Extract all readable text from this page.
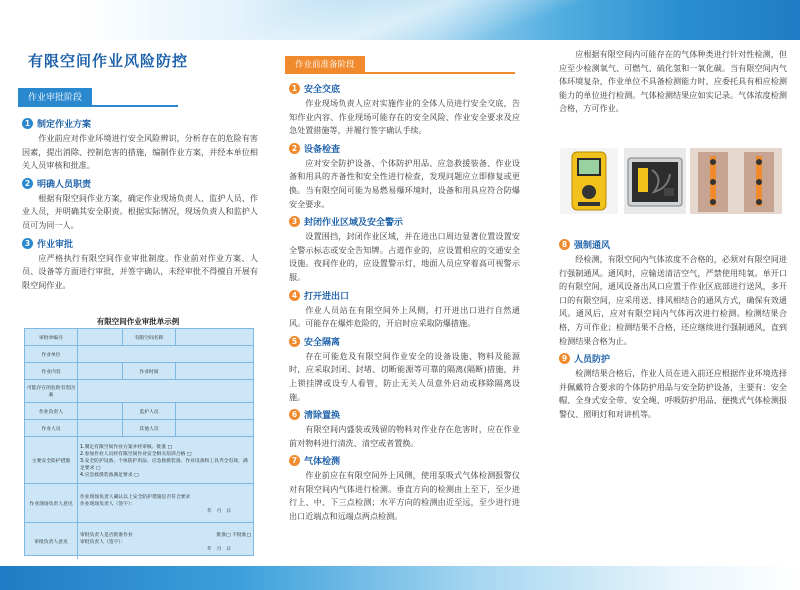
有限空间作业风险防控
作业审批阶段
1 制定作业方案

作业前应对作业环境进行安全风险辨识，分析存在的危险有害因素，提出消除、控制危害的措施，编制作业方案，并经本单位相关人员审核和批准。

2 明确人员职责

根据有限空间作业方案，确定作业现场负责人、监护人员、作业人员，并明确其安全职责。根据实际情况，现场负责人和监护人员可为同一人。

3 作业审批

应严格执行有限空间作业审批制度。作业前对作业方案、人员、设备等方面进行审批，并签字确认，未经审批不得擅自开展有限空间作业。

有限空间作业审批单示例
审批单编号	有限空间名称
作业单位
作业内容	作业时间
可能存在的危险有害因素
作业负责人	监护人员
作业人员	其他人员
主要安全防护措施
1.制定有限空间作业方案并经审核、批准 □
2.参加作业人员经有限空间作业安全相关培训合格 □
3.安全防护设备、个体防护用品、应急救援装备、作业设备和工具齐全有效，满足要求 □
4.应急救援装备满足要求 □
作业现场负责人意见
作业现场负责人确认以上安全防护措施是否符合要求
作业现场负责人（签字）：
年　月　日
审批负责人意见
审批负责人是否批准作业	批准□ 不批准□
审批负责人（签字）：
年　月　日
作业前准备阶段
1 安全交底

作业现场负责人应对实施作业的全体人员进行安全交底，告知作业内容、作业现场可能存在的安全风险、作业安全要求及应急处置措施等，并履行签字确认手续。

2 设备检查

应对安全防护设备、个体防护用品、应急救援装备、作业设备和用具的齐备性和安全性进行检查，发现问题应立即修复或更换。当有限空间可能为易燃易爆环境时，设备和用具应符合防爆安全要求。

3 封闭作业区域及安全警示

设置围挡，封闭作业区域，并在进出口周边显著位置设置安全警示标志或安全告知牌。占道作业的，应设置相应的交通安全设施。夜间作业的，应设置警示灯，地面人员应穿着高可视警示服。

4 打开进出口

作业人员站在有限空间外上风侧，打开进出口进行自然通风。可能存在爆炸危险的，开启时应采取防爆措施。

5 安全隔离

存在可能危及有限空间作业安全的设备设施、物料及能源时，应采取封闭、封堵、切断能源等可靠的隔离(隔断)措施，并上锁挂牌或设专人看管，防止无关人员意外启动或移除隔离设施。

6 清除置换

有限空间内盛装或残留的物料对作业存在危害时，应在作业前对物料进行清洗、清空或者置换。

7 气体检测

作业前应在有限空间外上风侧，使用泵吸式气体检测报警仪对有限空间内气体进行检测。垂直方向的检测由上至下，至少进行上、中、下三点检测；水平方向的检测由近至远，至少进行进出口近端点和远端点两点检测。

应根据有限空间内可能存在的气体种类进行针对性检测，但应至少检测氧气、可燃气、硫化氢和一氧化碳。当有限空间内气体环境复杂，作业单位不具备检测能力时，应委托具有相应检测能力的单位进行检测。气体检测结果应如实记录。气体浓度检测合格，方可作业。

8 强制通风

经检测，有限空间内气体浓度不合格的，必须对有限空间进行强制通风。通风时，应输送清洁空气，严禁使用纯氧。单开口的有限空间，通风设备出风口应置于作业区底部进行送风，多开口的有限空间，应采用送、排风相结合的通风方式，确保有效通风。通风后，应对有限空间内气体再次进行检测。检测结果合格，方可作业；检测结果不合格，还应继续进行强制通风，直到检测结果合格为止。

9 人员防护

检测结果合格后，作业人员在进入前还应根据作业环境选择并佩戴符合要求的个体防护用品与安全防护设备，主要有：安全帽、全身式安全带、安全绳、呼吸防护用品、便携式气体检测报警仪、照明灯和对讲机等。
